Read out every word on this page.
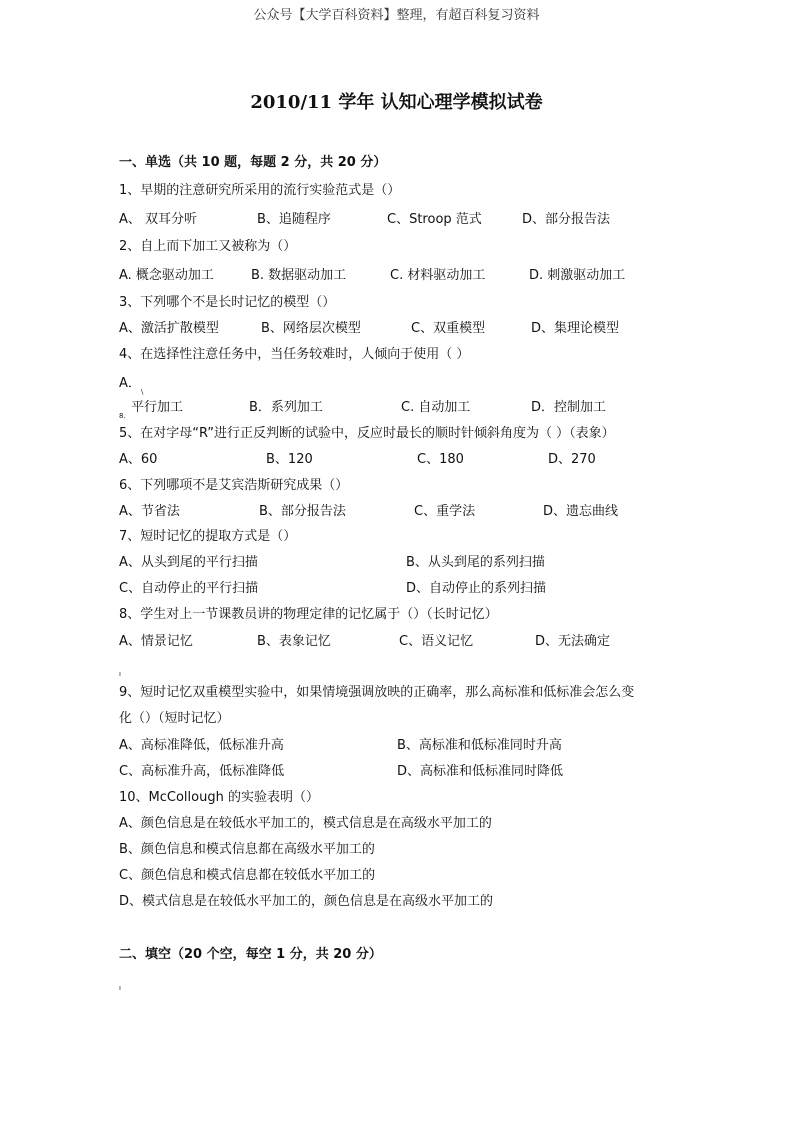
公众号【大学百科资料】整理，有超百科复习资料
2010/11 学年 认知心理学模拟试卷
一、单选（共 10 题，每题 2 分，共 20 分）
1、早期的注意研究所采用的流行实验范式是（）
A、 双耳分听	B、追随程序	C、Stroop 范式	D、部分报告法
2、自上而下加工又被称为（）
A. 概念驱动加工	B. 数据驱动加工	C. 材料驱动加工	D. 刺激驱动加工
3、下列哪个不是长时记忆的模型（）
A、激活扩散模型	B、网络层次模型	C、双重模型	D、集理论模型
4、在选择性注意任务中，当任务较难时，人倾向于使用（ ）
A．
\
8.
平行加工	B．系列加工	C. 自动加工	D．控制加工
5、在对字母“R”进行正反判断的试验中，反应时最长的顺时针倾斜角度为（ ）（表象）
A、60	B、120	C、180	D、270
6、下列哪项不是艾宾浩斯研究成果（）
A、节省法	B、部分报告法	C、重学法	D、遗忘曲线
7、短时记忆的提取方式是（）
A、从头到尾的平行扫描	B、从头到尾的系列扫描
C、自动停止的平行扫描	D、自动停止的系列扫描
8、学生对上一节课教员讲的物理定律的记忆属于（）（长时记忆）
A、情景记忆	B、表象记忆	C、语义记忆	D、无法确定
ı
9、短时记忆双重模型实验中，如果情境强调放映的正确率，那么高标准和低标准会怎么变
化（）（短时记忆）
A、高标准降低，低标准升高	B、高标准和低标准同时升高
C、高标准升高，低标准降低	D、高标准和低标准同时降低
10、McCollough 的实验表明（）
A、颜色信息是在较低水平加工的，模式信息是在高级水平加工的
B、颜色信息和模式信息都在高级水平加工的
C、颜色信息和模式信息都在较低水平加工的
D、模式信息是在较低水平加工的，颜色信息是在高级水平加工的
二、填空（20 个空，每空 1 分，共 20 分）
ı
